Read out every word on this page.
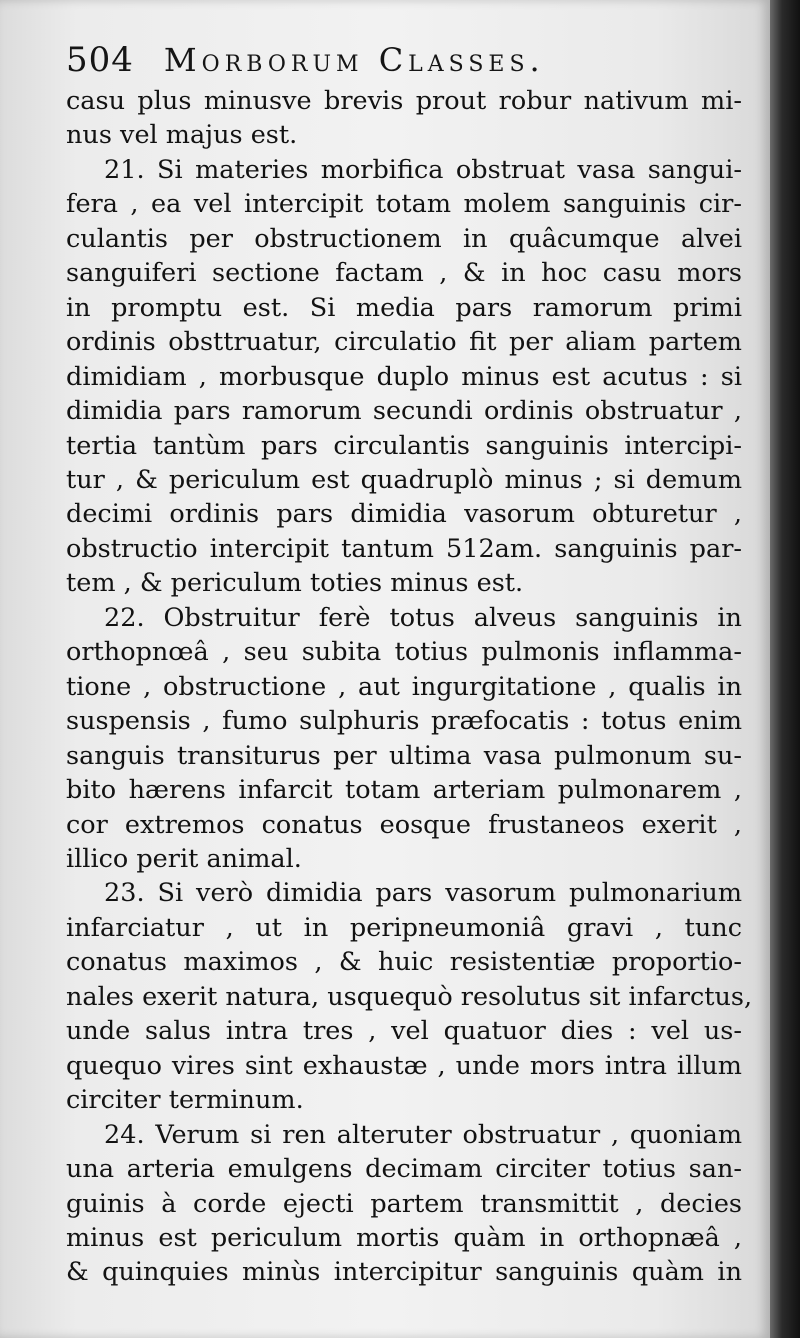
504 Morborum Classes.
casu plus minusve brevis prout robur nativum mi-
nus vel majus est.
21. Si materies morbifica obstruat vasa sangui-
fera , ea vel intercipit totam molem sanguinis cir-
culantis per obstructionem in quâcumque alvei
sanguiferi sectione factam , & in hoc casu mors
in promptu est. Si media pars ramorum primi
ordinis obsttruatur, circulatio fit per aliam partem
dimidiam , morbusque duplo minus est acutus : si
dimidia pars ramorum secundi ordinis obstruatur ,
tertia tantùm pars circulantis sanguinis intercipi-
tur , & periculum est quadruplò minus ; si demum
decimi ordinis pars dimidia vasorum obturetur ,
obstructio intercipit tantum 512am. sanguinis par-
tem , & periculum toties minus est.
22. Obstruitur ferè totus alveus sanguinis in
orthopnœâ , seu subita totius pulmonis inflamma-
tione , obstructione , aut ingurgitatione , qualis in
suspensis , fumo sulphuris præfocatis : totus enim
sanguis transiturus per ultima vasa pulmonum su-
bito hærens infarcit totam arteriam pulmonarem ,
cor extremos conatus eosque frustaneos exerit ,
illico perit animal.
23. Si verò dimidia pars vasorum pulmonarium
infarciatur , ut in peripneumoniâ gravi , tunc
conatus maximos , & huic resistentiæ proportio-
nales exerit natura, usquequò resolutus sit infarctus,
unde salus intra tres , vel quatuor dies : vel us-
quequo vires sint exhaustæ , unde mors intra illum
circiter terminum.
24. Verum si ren alteruter obstruatur , quoniam
una arteria emulgens decimam circiter totius san-
guinis à corde ejecti partem transmittit , decies
minus est periculum mortis quàm in orthopnæâ ,
& quinquies minùs intercipitur sanguinis quàm in
